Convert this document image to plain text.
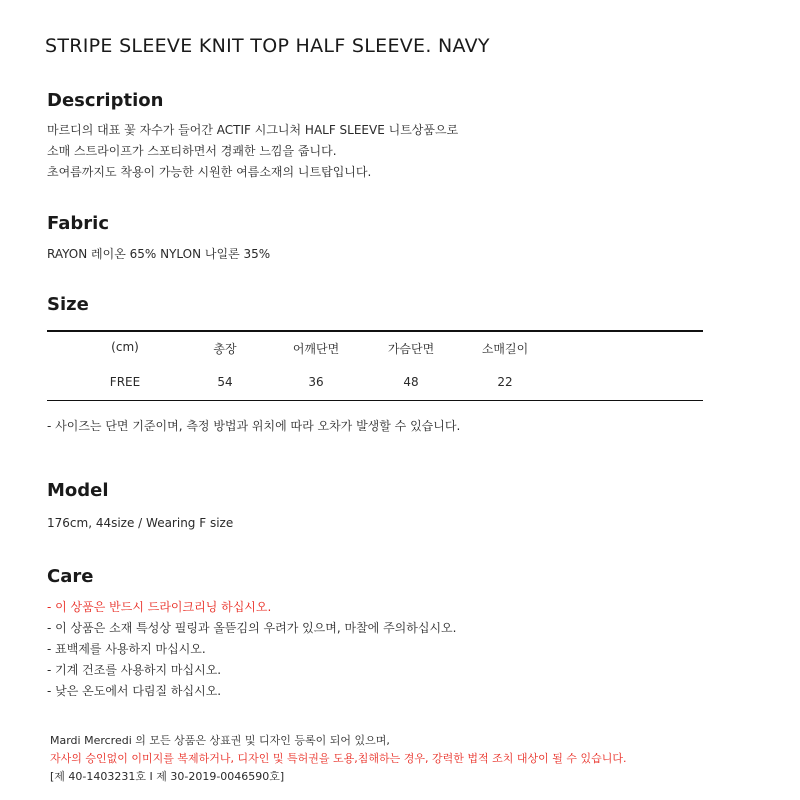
STRIPE SLEEVE KNIT TOP HALF SLEEVE. NAVY
Description
마르디의 대표 꽃 자수가 들어간 ACTIF 시그니처 HALF SLEEVE 니트상품으로
소매 스트라이프가 스포티하면서 경쾌한 느낌을 줍니다.
초여름까지도 착용이 가능한 시원한 여름소재의 니트탑입니다.
Fabric
RAYON 레이온 65% NYLON 나일론 35%
Size
(cm)	총장	어깨단면	가슴단면	소매길이
FREE	54	36	48	22
- 사이즈는 단면 기준이며, 측정 방법과 위치에 따라 오차가 발생할 수 있습니다.
Model
176cm, 44size / Wearing F size
Care
- 이 상품은 반드시 드라이크리닝 하십시오.
- 이 상품은 소재 특성상 필링과 올뜯김의 우려가 있으며, 마찰에 주의하십시오.
- 표백제를 사용하지 마십시오.
- 기계 건조를 사용하지 마십시오.
- 낮은 온도에서 다림질 하십시오.
Mardi Mercredi 의 모든 상품은 상표권 및 디자인 등록이 되어 있으며,
자사의 승인없이 이미지를 복제하거나, 디자인 및 특허권을 도용,침해하는 경우, 강력한 법적 조치 대상이 될 수 있습니다.
[제 40-1403231호 I 제 30-2019-0046590호]
